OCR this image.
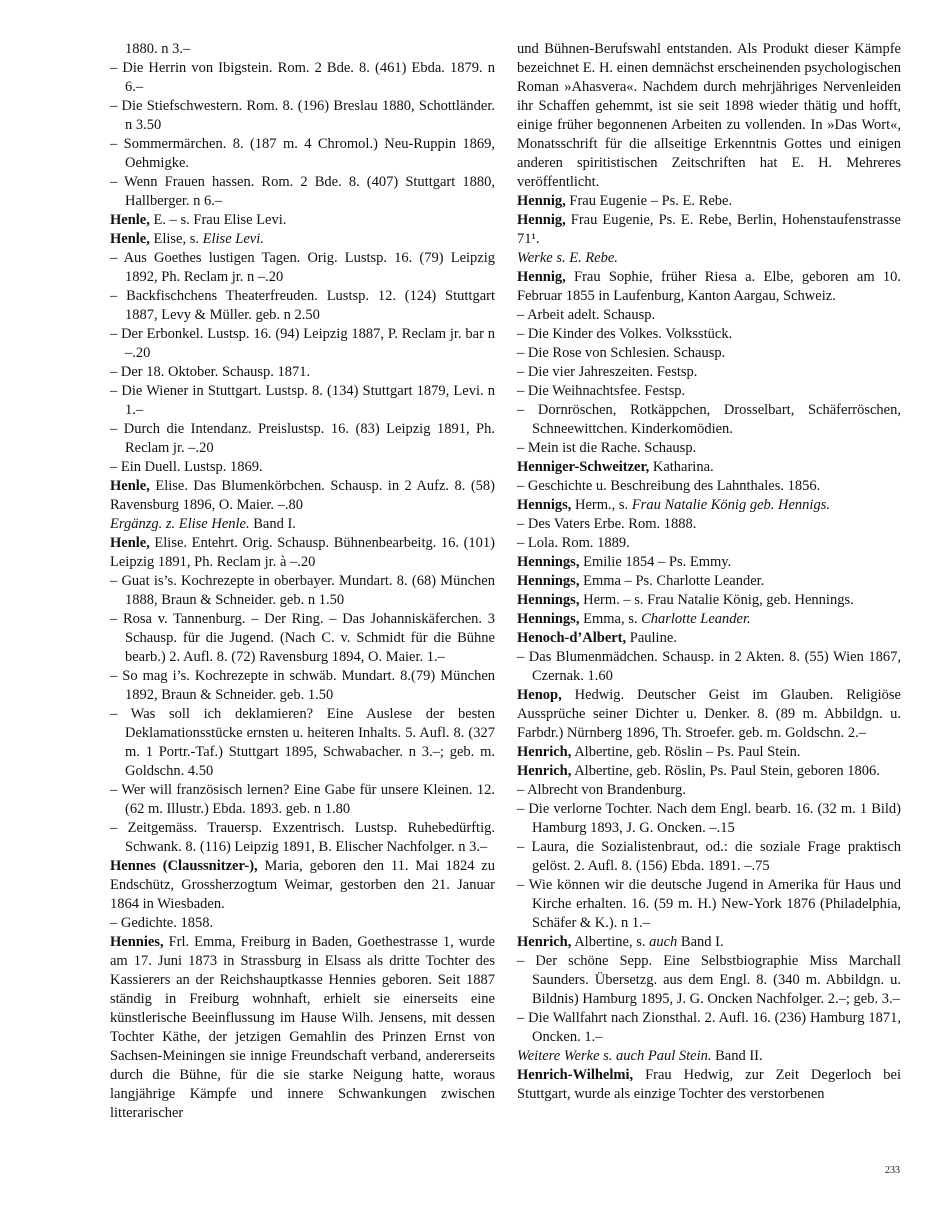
1880. n 3.–

– Die Herrin von Ibigstein. Rom. 2 Bde. 8. (461) Ebda. 1879. n 6.–

– Die Stiefschwestern. Rom. 8. (196) Breslau 1880, Schottländer. n 3.50

– Sommermärchen. 8. (187 m. 4 Chromol.) Neu-Ruppin 1869, Oehmigke.

– Wenn Frauen hassen. Rom. 2 Bde. 8. (407) Stuttgart 1880, Hallberger. n 6.–

Henle, E. – s. Frau Elise Levi.

Henle, Elise, s. Elise Levi.

– Aus Goethes lustigen Tagen. Orig. Lustsp. 16. (79) Leipzig 1892, Ph. Reclam jr. n –.20

– Backfischchens Theaterfreuden. Lustsp. 12. (124) Stuttgart 1887, Levy & Müller. geb. n 2.50

– Der Erbonkel. Lustsp. 16. (94) Leipzig 1887, P. Reclam jr. bar n –.20

– Der 18. Oktober. Schausp. 1871.

– Die Wiener in Stuttgart. Lustsp. 8. (134) Stuttgart 1879, Levi. n 1.–

– Durch die Intendanz. Preislustsp. 16. (83) Leipzig 1891, Ph. Reclam jr. –.20

– Ein Duell. Lustsp. 1869.

Henle, Elise. Das Blumenkörbchen. Schausp. in 2 Aufz. 8. (58) Ravensburg 1896, O. Maier. –.80

Ergänzg. z. Elise Henle. Band I.

Henle, Elise. Entehrt. Orig. Schausp. Bühnenbearbeitg. 16. (101) Leipzig 1891, Ph. Reclam jr. à –.20

– Guat is’s. Kochrezepte in oberbayer. Mundart. 8. (68) München 1888, Braun & Schneider. geb. n 1.50

– Rosa v. Tannenburg. – Der Ring. – Das Johanniskäferchen. 3 Schausp. für die Jugend. (Nach C. v. Schmidt für die Bühne bearb.) 2. Aufl. 8. (72) Ravensburg 1894, O. Maier. 1.–

– So mag i’s. Kochrezepte in schwäb. Mundart. 8.(79) München 1892, Braun & Schneider. geb. 1.50

– Was soll ich deklamieren? Eine Auslese der besten Deklamationsstücke ernsten u. heiteren Inhalts. 5. Aufl. 8. (327 m. 1 Portr.-Taf.) Stuttgart 1895, Schwabacher. n 3.–; geb. m. Goldschn. 4.50

– Wer will französisch lernen? Eine Gabe für unsere Kleinen. 12. (62 m. Illustr.) Ebda. 1893. geb. n 1.80

– Zeitgemäss. Trauersp. Exzentrisch. Lustsp. Ruhebedürftig. Schwank. 8. (116) Leipzig 1891, B. Elischer Nachfolger. n 3.–

Hennes (Claussnitzer-), Maria, geboren den 11. Mai 1824 zu Endschütz, Grossherzogtum Weimar, gestorben den 21. Januar 1864 in Wiesbaden.

– Gedichte. 1858.

Hennies, Frl. Emma, Freiburg in Baden, Goethestrasse 1, wurde am 17. Juni 1873 in Strassburg in Elsass als dritte Tochter des Kassierers an der Reichshauptkasse Hennies geboren. Seit 1887 ständig in Freiburg wohnhaft, erhielt sie einerseits eine künstlerische Beeinflussung im Hause Wilh. Jensens, mit dessen Tochter Käthe, der jetzigen Gemahlin des Prinzen Ernst von Sachsen-Meiningen sie innige Freundschaft verband, andererseits durch die Bühne, für die sie starke Neigung hatte, woraus langjährige Kämpfe und innere Schwankungen zwischen litterarischer

und Bühnen-Berufswahl entstanden. Als Produkt dieser Kämpfe bezeichnet E. H. einen demnächst erscheinenden psychologischen Roman »Ahasvera«. Nachdem durch mehrjähriges Nervenleiden ihr Schaffen gehemmt, ist sie seit 1898 wieder thätig und hofft, einige früher begonnenen Arbeiten zu vollenden. In »Das Wort«, Monatsschrift für die allseitige Erkenntnis Gottes und einigen anderen spiritistischen Zeitschriften hat E. H. Mehreres veröffentlicht.

Hennig, Frau Eugenie – Ps. E. Rebe.

Hennig, Frau Eugenie, Ps. E. Rebe, Berlin, Hohenstaufenstrasse 71¹.

Werke s. E. Rebe.

Hennig, Frau Sophie, früher Riesa a. Elbe, geboren am 10. Februar 1855 in Laufenburg, Kanton Aargau, Schweiz.

– Arbeit adelt. Schausp.

– Die Kinder des Volkes. Volksstück.

– Die Rose von Schlesien. Schausp.

– Die vier Jahreszeiten. Festsp.

– Die Weihnachtsfee. Festsp.

– Dornröschen, Rotkäppchen, Drosselbart, Schäferröschen, Schneewittchen. Kinderkomödien.

– Mein ist die Rache. Schausp.

Henniger-Schweitzer, Katharina.

– Geschichte u. Beschreibung des Lahnthales. 1856.

Hennigs, Herm., s. Frau Natalie König geb. Hennigs.

– Des Vaters Erbe. Rom. 1888.

– Lola. Rom. 1889.

Hennings, Emilie 1854 – Ps. Emmy.

Hennings, Emma – Ps. Charlotte Leander.

Hennings, Herm. – s. Frau Natalie König, geb. Hennings.

Hennings, Emma, s. Charlotte Leander.

Henoch-d’Albert, Pauline.

– Das Blumenmädchen. Schausp. in 2 Akten. 8. (55) Wien 1867, Czernak. 1.60

Henop, Hedwig. Deutscher Geist im Glauben. Religiöse Aussprüche seiner Dichter u. Denker. 8. (89 m. Abbildgn. u. Farbdr.) Nürnberg 1896, Th. Stroefer. geb. m. Goldschn. 2.–

Henrich, Albertine, geb. Röslin – Ps. Paul Stein.

Henrich, Albertine, geb. Röslin, Ps. Paul Stein, geboren 1806.

– Albrecht von Brandenburg.

– Die verlorne Tochter. Nach dem Engl. bearb. 16. (32 m. 1 Bild) Hamburg 1893, J. G. Oncken. –.15

– Laura, die Sozialistenbraut, od.: die soziale Frage praktisch gelöst. 2. Aufl. 8. (156) Ebda. 1891. –.75

– Wie können wir die deutsche Jugend in Amerika für Haus und Kirche erhalten. 16. (59 m. H.) New-York 1876 (Philadelphia, Schäfer & K.). n 1.–

Henrich, Albertine, s. auch Band I.

– Der schöne Sepp. Eine Selbstbiographie Miss Marchall Saunders. Übersetzg. aus dem Engl. 8. (340 m. Abbildgn. u. Bildnis) Hamburg 1895, J. G. Oncken Nachfolger. 2.–; geb. 3.–

– Die Wallfahrt nach Zionsthal. 2. Aufl. 16. (236) Hamburg 1871, Oncken. 1.–

Weitere Werke s. auch Paul Stein. Band II.

Henrich-Wilhelmi, Frau Hedwig, zur Zeit Degerloch bei Stuttgart, wurde als einzige Tochter des verstorbenen

233
